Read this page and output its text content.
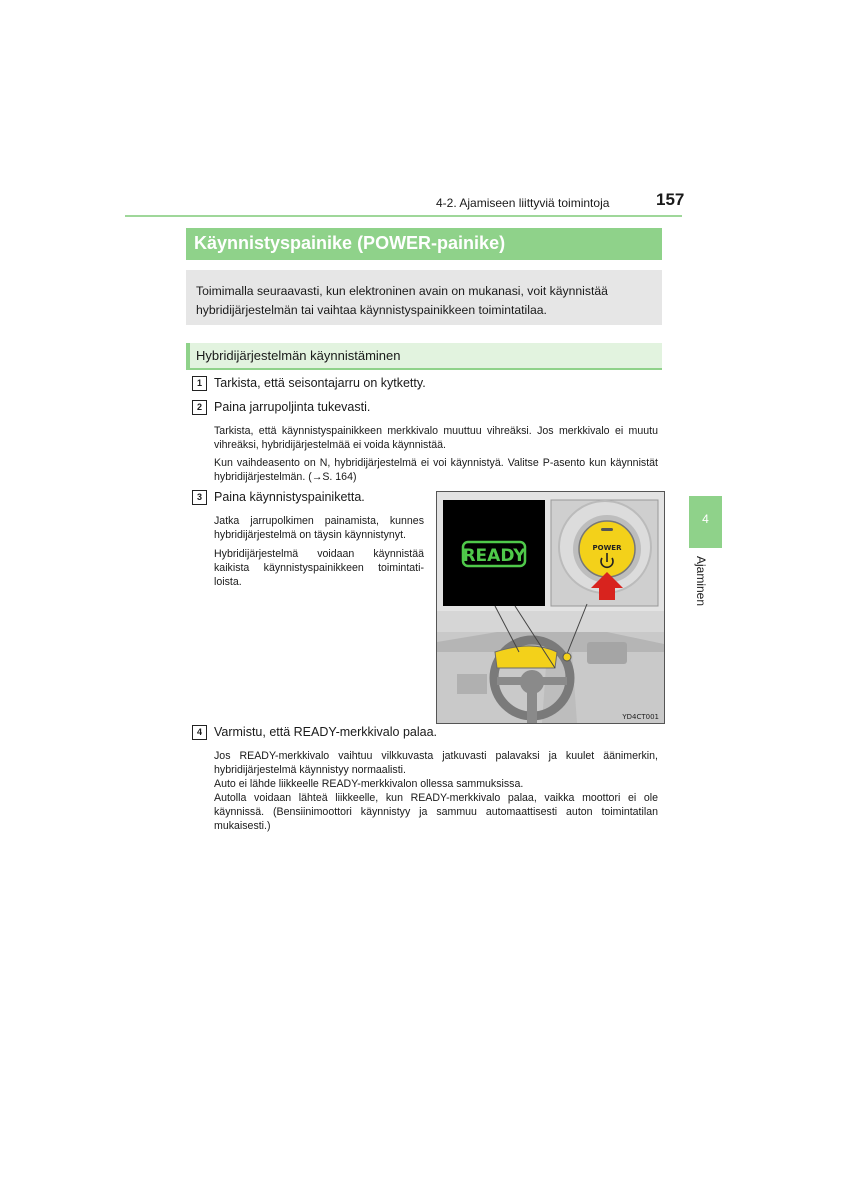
4-2. Ajamiseen liittyviä toimintoja	157
Käynnistyspainike (POWER-painike)
Toimimalla seuraavasti, kun elektroninen avain on mukanasi, voit käynnistää hybridijärjestelmän tai vaihtaa käynnistyspainikkeen toimintatilaa.
Hybridijärjestelmän käynnistäminen
1 Tarkista, että seisontajarru on kytketty.
2 Paina jarrupoljinta tukevasti.
Tarkista, että käynnistyspainikkeen merkkivalo muuttuu vihreäksi. Jos merkkivalo ei muutu vihreäksi, hybridijärjestelmää ei voida käynnistää.
Kun vaihdeasento on N, hybridijärjestelmä ei voi käynnistyä. Valitse P-asento kun käynnistät hybridijärjestelmän. (→S. 164)
3 Paina käynnistyspainiketta.
Jatka jarrupolkimen painamista, kunnes hybridijärjestelmä on täysin käynnistynyt.
Hybridijärjestelmä voidaan käynnistää kaikista käynnistyspainikkeen toimintati-loista.
READY	POWER
YD4CT001
4 Varmistu, että READY-merkkivalo palaa.
Jos READY-merkkivalo vaihtuu vilkkuvasta jatkuvasti palavaksi ja kuulet äänimerkin, hybridijärjestelmä käynnistyy normaalisti.
Auto ei lähde liikkeelle READY-merkkivalon ollessa sammuksissa.
Autolla voidaan lähteä liikkeelle, kun READY-merkkivalo palaa, vaikka moottori ei ole käynnissä. (Bensiinimoottori käynnistyy ja sammuu automaattisesti auton toimintatilan mukaisesti.)
4
Ajaminen
